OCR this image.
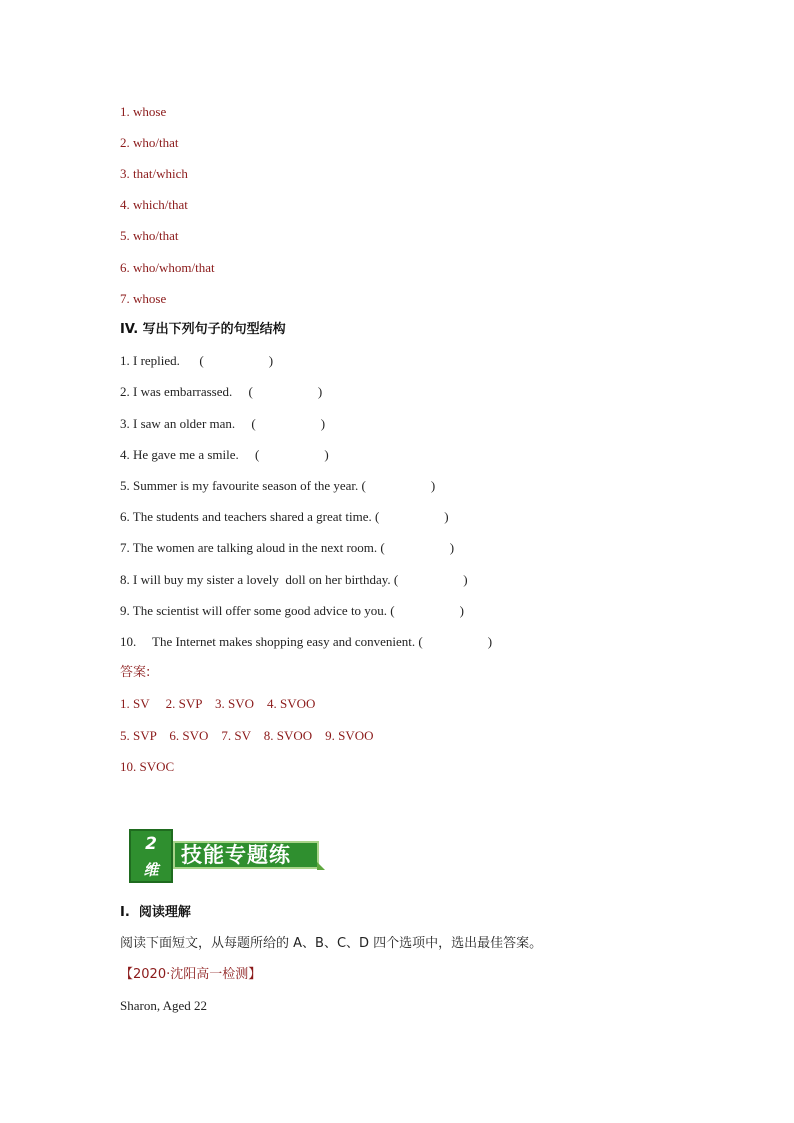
1. whose
2. who/that
3. that/which
4. which/that
5. who/that
6. who/whom/that
7. whose
IV. 写出下列句子的句型结构
1. I replied.      (                    )
2. I was embarrassed.     (                    )
3. I saw an older man.     (                    )
4. He gave me a smile.     (                    )
5. Summer is my favourite season of the year. (                    )
6. The students and teachers shared a great time. (                    )
7. The women are talking aloud in the next room. (                    )
8. I will buy my sister a lovely  doll on her birthday. (                    )
9. The scientist will offer some good advice to you. (                    )
10. The Internet makes shopping easy and convenient. (                    )
答案:
1. SV     2. SVP    3. SVO    4. SVOO
5. SVP    6. SVO    7. SV    8. SVOO    9. SVOO
10. SVOC
2
维
技能专题练
I.  阅读理解
阅读下面短文，从每题所给的 A、B、C、D 四个选项中，选出最佳答案。
【2020·沈阳高一检测】
Sharon, Aged 22
